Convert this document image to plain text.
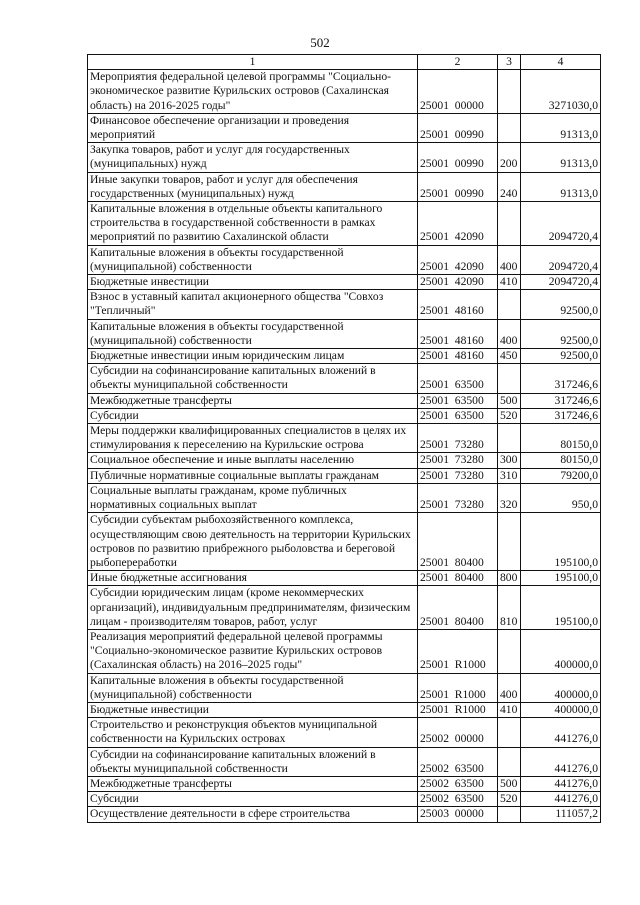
502
1	2	3	4
Мероприятия федеральной целевой программы "Социально-экономическое развитие Курильских островов (Сахалинская область) на 2016-2025 годы"	25001  00000		3271030,0
Финансовое обеспечение организации и проведения мероприятий	25001  00990		91313,0
Закупка товаров, работ и услуг для государственных (муниципальных) нужд	25001  00990	200	91313,0
Иные закупки товаров, работ и услуг для обеспечения государственных (муниципальных) нужд	25001  00990	240	91313,0
Капитальные вложения в отдельные объекты капитального строительства в государственной собственности в рамках мероприятий по развитию Сахалинской области	25001  42090		2094720,4
Капитальные вложения в объекты государственной (муниципальной) собственности	25001  42090	400	2094720,4
Бюджетные инвестиции	25001  42090	410	2094720,4
Взнос в уставный капитал акционерного общества "Совхоз "Тепличный"	25001  48160		92500,0
Капитальные вложения в объекты государственной (муниципальной) собственности	25001  48160	400	92500,0
Бюджетные инвестиции иным юридическим лицам	25001  48160	450	92500,0
Субсидии на софинансирование капитальных вложений в объекты муниципальной собственности	25001  63500		317246,6
Межбюджетные трансферты	25001  63500	500	317246,6
Субсидии	25001  63500	520	317246,6
Меры поддержки квалифицированных специалистов в целях их стимулирования к переселению на Курильские острова	25001  73280		80150,0
Социальное обеспечение и иные выплаты населению	25001  73280	300	80150,0
Публичные нормативные социальные выплаты гражданам	25001  73280	310	79200,0
Социальные выплаты гражданам, кроме публичных нормативных социальных выплат	25001  73280	320	950,0
Субсидии субъектам рыбохозяйственного комплекса, осуществляющим свою деятельность на территории Курильских островов по развитию прибрежного рыболовства и береговой рыбопереработки	25001  80400		195100,0
Иные бюджетные ассигнования	25001  80400	800	195100,0
Субсидии юридическим лицам (кроме некоммерческих организаций), индивидуальным предпринимателям, физическим лицам - производителям товаров, работ, услуг	25001  80400	810	195100,0
Реализация мероприятий федеральной целевой программы "Социально-экономическое развитие Курильских островов (Сахалинская область) на 2016–2025 годы"	25001  R1000		400000,0
Капитальные вложения в объекты государственной (муниципальной) собственности	25001  R1000	400	400000,0
Бюджетные инвестиции	25001  R1000	410	400000,0
Строительство и реконструкция объектов муниципальной собственности на Курильских островах	25002  00000		441276,0
Субсидии на софинансирование капитальных вложений в объекты муниципальной собственности	25002  63500		441276,0
Межбюджетные трансферты	25002  63500	500	441276,0
Субсидии	25002  63500	520	441276,0
Осуществление деятельности в сфере строительства	25003  00000		111057,2
